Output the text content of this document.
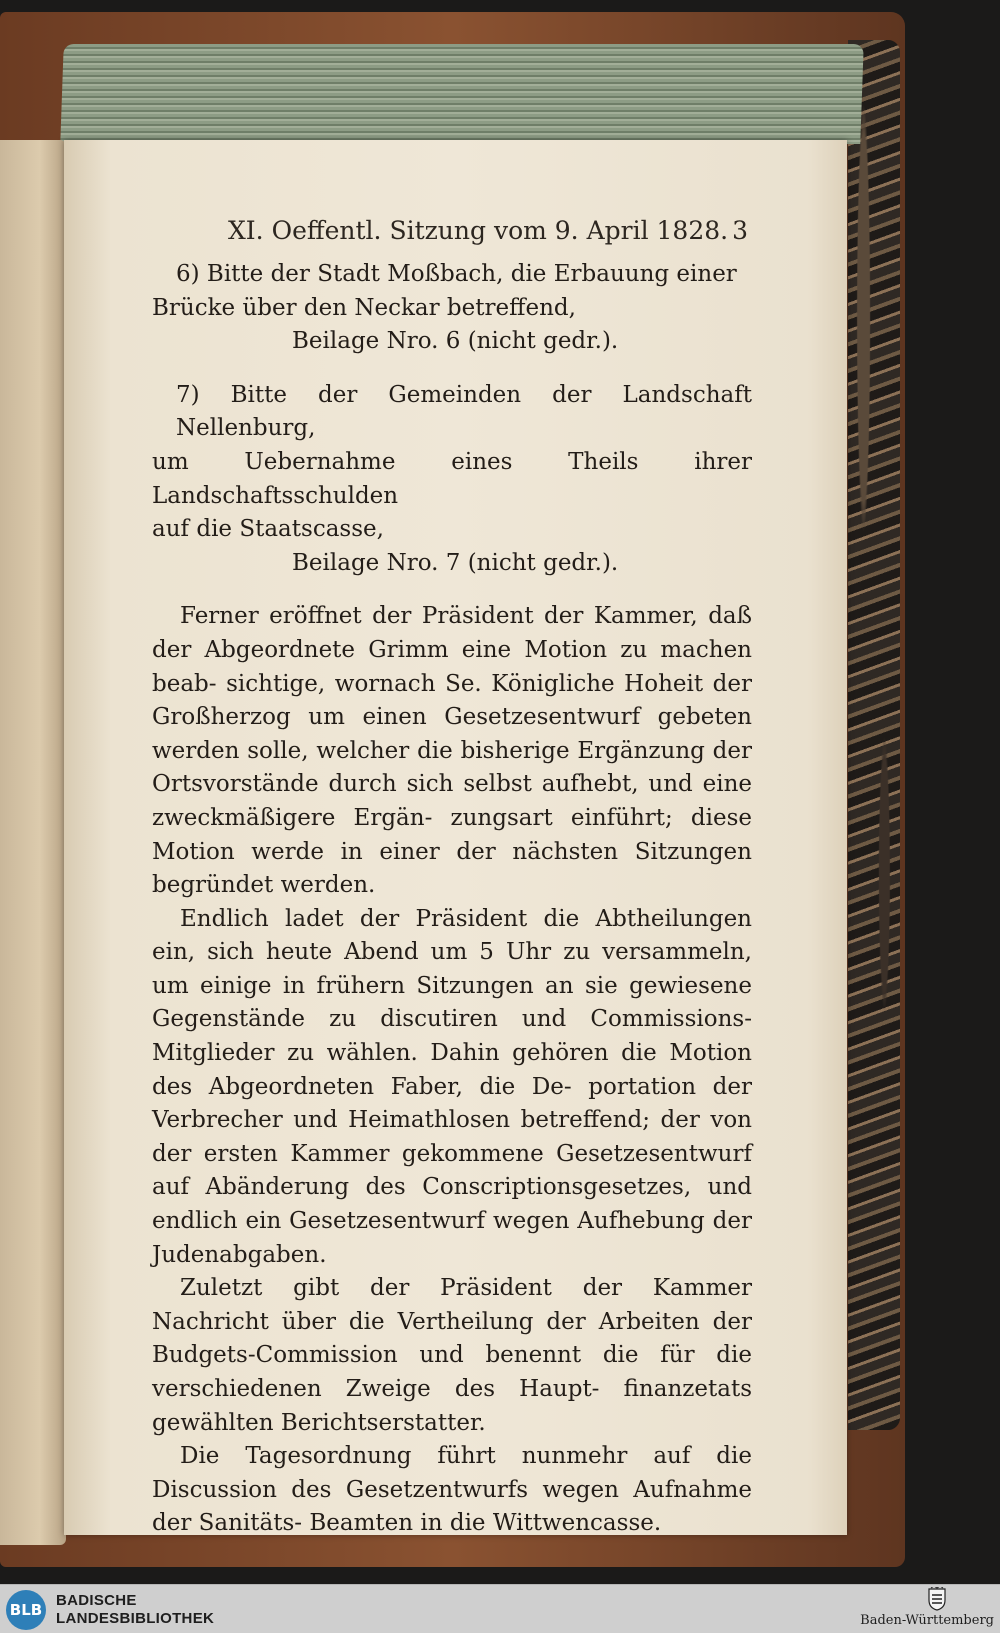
XI. Oeffentl. Sitzung vom 9. April 1828. 3

6) Bitte der Stadt Moßbach, die Erbauung einer
Brücke über den Neckar betreffend,
Beilage Nro. 6 (nicht gedr.).

7) Bitte der Gemeinden der Landschaft Nellenburg,
um Uebernahme eines Theils ihrer Landschaftsschulden
auf die Staatscasse,
Beilage Nro. 7 (nicht gedr.).

Ferner eröffnet der Präsident der Kammer, daß der Abgeordnete Grimm eine Motion zu machen beab- sichtige, wornach Se. Königliche Hoheit der Großherzog um einen Gesetzesentwurf gebeten werden solle, welcher die bisherige Ergänzung der Ortsvorstände durch sich selbst aufhebt, und eine zweckmäßigere Ergän- zungsart einführt; diese Motion werde in einer der nächsten Sitzungen begründet werden.

Endlich ladet der Präsident die Abtheilungen ein, sich heute Abend um 5 Uhr zu versammeln, um einige in frühern Sitzungen an sie gewiesene Gegenstände zu discutiren und Commissions-Mitglieder zu wählen. Dahin gehören die Motion des Abgeordneten Faber, die De- portation der Verbrecher und Heimathlosen betreffend; der von der ersten Kammer gekommene Gesetzesentwurf auf Abänderung des Conscriptionsgesetzes, und endlich ein Gesetzesentwurf wegen Aufhebung der Judenabgaben.

Zuletzt gibt der Präsident der Kammer Nachricht über die Vertheilung der Arbeiten der Budgets-Commission und benennt die für die verschiedenen Zweige des Haupt- finanzetats gewählten Berichtserstatter.

Die Tagesordnung führt nunmehr auf die Discussion des Gesetzentwurfs wegen Aufnahme der Sanitäts- Beamten in die Wittwencasse.

BLB
BADISCHE
LANDESBIBLIOTHEK	Baden-Württemberg
